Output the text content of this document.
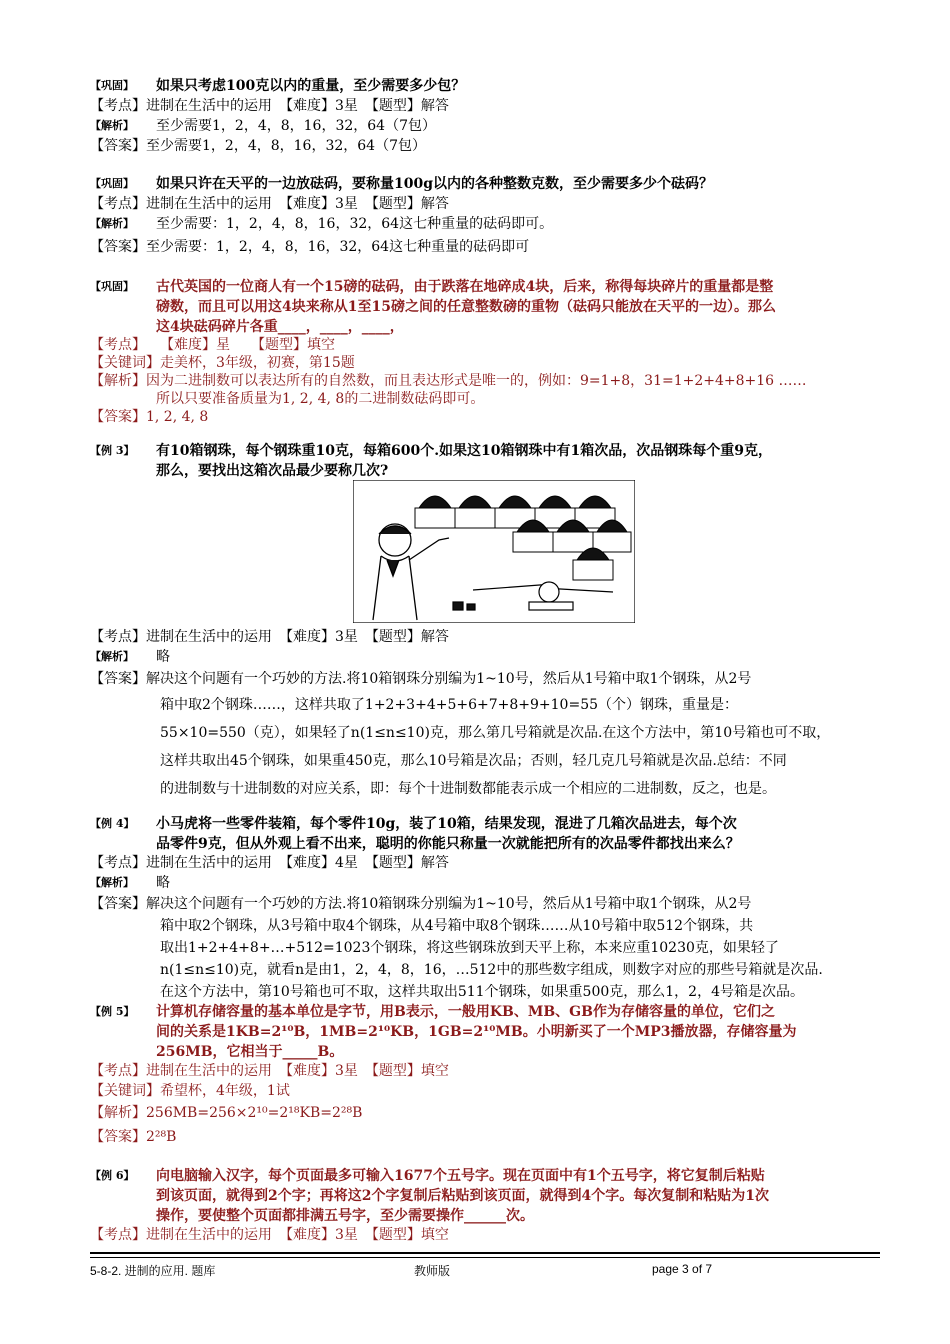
【巩固】 如果只考虑100克以内的重量，至少需要多少包？
【考点】进制在生活中的运用　【难度】3星　【题型】解答
【解析】 至少需要1，2，4，8，16，32，64（7包）
【答案】至少需要1，2，4，8，16，32，64（7包）
【巩固】 如果只许在天平的一边放砝码，要称量100g以内的各种整数克数，至少需要多少个砝码？
【考点】进制在生活中的运用　【难度】3星　【题型】解答
【解析】 至少需要：1，2，4，8，16，32，64这七种重量的砝码即可。
【答案】至少需要：1，2，4，8，16，32，64这七种重量的砝码即可
【巩固】 古代英国的一位商人有一个15磅的砝码，由于跌落在地碎成4块，后来，称得每块碎片的重量都是整
磅数，而且可以用这4块来称从1至15磅之间的任意整数磅的重物（砝码只能放在天平的一边）。那么
这4块砝码碎片各重____，____，____，
【考点】　　【难度】星　　【题型】填空
【关键词】走美杯，3年级，初赛，第15题
【解析】因为二进制数可以表达所有的自然数，而且表达形式是唯一的，例如：9=1+8，31=1+2+4+8+16 ……
所以只要准备质量为1, 2, 4, 8的二进制数砝码即可。
【答案】1, 2, 4, 8
【例 3】 有10箱钢珠，每个钢珠重10克，每箱600个.如果这10箱钢珠中有1箱次品，次品钢珠每个重9克，
那么，要找出这箱次品最少要称几次?
【考点】进制在生活中的运用　【难度】3星　【题型】解答
【解析】 略
【答案】解决这个问题有一个巧妙的方法.将10箱钢珠分别编为1~10号，然后从1号箱中取1个钢珠，从2号
箱中取2个钢珠……，这样共取了1+2+3+4+5+6+7+8+9+10=55（个）钢珠，重量是：
55×10=550（克），如果轻了n(1≤n≤10)克，那么第几号箱就是次品.在这个方法中，第10号箱也可不取，
这样共取出45个钢珠，如果重450克，那么10号箱是次品；否则，轻几克几号箱就是次品.总结：不同
的进制数与十进制数的对应关系，即：每个十进制数都能表示成一个相应的二进制数，反之，也是。
【例 4】 小马虎将一些零件装箱，每个零件10g，装了10箱，结果发现，混进了几箱次品进去，每个次
品零件9克，但从外观上看不出来，聪明的你能只称量一次就能把所有的次品零件都找出来么？
【考点】进制在生活中的运用　【难度】4星　【题型】解答
【解析】 略
【答案】解决这个问题有一个巧妙的方法.将10箱钢珠分别编为1~10号，然后从1号箱中取1个钢珠，从2号
箱中取2个钢珠，从3号箱中取4个钢珠，从4号箱中取8个钢珠……从10号箱中取512个钢珠，共
取出1+2+4+8+…+512=1023个钢珠，将这些钢珠放到天平上称，本来应重10230克，如果轻了
n(1≤n≤10)克，就看n是由1，2，4，8，16，…512中的那些数字组成，则数字对应的那些号箱就是次品.
在这个方法中，第10号箱也可不取，这样共取出511个钢珠，如果重500克，那么1，2，4号箱是次品。
【例 5】 计算机存储容量的基本单位是字节，用B表示，一般用KB、MB、GB作为存储容量的单位，它们之
间的关系是1KB=2¹⁰B，1MB=2¹⁰KB，1GB=2¹⁰MB。小明新买了一个MP3播放器，存储容量为
256MB，它相当于_____B。
【考点】进制在生活中的运用　【难度】3星　【题型】填空
【关键词】希望杯，4年级，1试
【解析】256MB=256×2¹⁰=2¹⁸KB=2²⁸B
【答案】2²⁸B
【例 6】 向电脑输入汉字，每个页面最多可输入1677个五号字。现在页面中有1个五号字，将它复制后粘贴
到该页面，就得到2个字；再将这2个字复制后粘贴到该页面，就得到4个字。每次复制和粘贴为1次
操作，要使整个页面都排满五号字，至少需要操作______次。
【考点】进制在生活中的运用　【难度】3星　【题型】填空
5-8-2. 进制的应用. 题库	教师版	page 3 of 7
